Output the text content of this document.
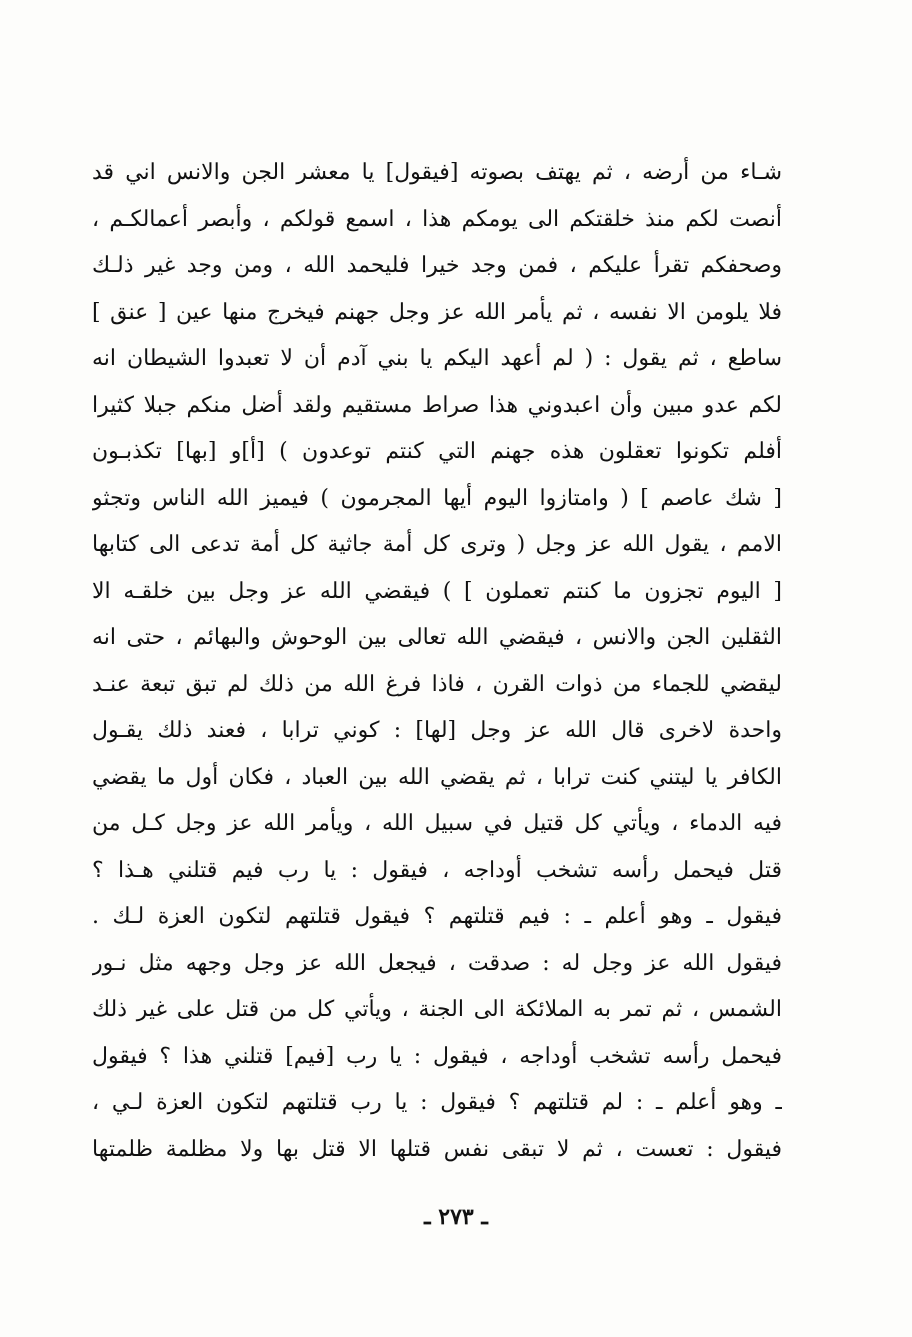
شـاء من أرضه ، ثم يهتف بصوته [فيقول] يا معشر الجن والانس اني قد
أنصت لكم منذ خلقتكم الى يومكم هذا ، اسمع قولكم ، وأبصر أعمالكـم ،
وصحفكم تقرأ عليكم ، فمن وجد خيرا فليحمد الله ، ومن وجد غير ذلـك
فلا يلومن الا نفسه ، ثم يأمر الله عز وجل جهنم فيخرج منها عين [ عنق ]
ساطع ، ثم يقول : ( لم أعهد اليكم يا بني آدم أن لا تعبدوا الشيطان انه
لكم عدو مبين وأن اعبدوني هذا صراط مستقيم ولقد أضل منكم جبلا كثيرا
أفلم تكونوا تعقلون هذه جهنم التي كنتم توعدون ) [أ]و [بها] تكذبـون
[ شك عاصم ] ( وامتازوا اليوم أيها المجرمون ) فيميز الله الناس وتجثو
الامم ، يقول الله عز وجل ( وترى كل أمة جاثية كل أمة تدعى الى كتابها
[ اليوم تجزون ما كنتم تعملون ] ) فيقضي الله عز وجل بين خلقـه الا
الثقلين الجن والانس ، فيقضي الله تعالى بين الوحوش والبهائم ، حتى انه
ليقضي للجماء من ذوات القرن ، فاذا فرغ الله من ذلك لم تبق تبعة عنـد
واحدة لاخرى قال الله عز وجل [لها] : كوني ترابا ، فعند ذلك يقـول
الكافر يا ليتني كنت ترابا ، ثم يقضي الله بين العباد ، فكان أول ما يقضي
فيه الدماء ، ويأتي كل قتيل في سبيل الله ، ويأمر الله عز وجل كـل من
قتل فيحمل رأسه تشخب أوداجه ، فيقول : يا رب فيم قتلني هـذا ؟
فيقول ـ وهو أعلم ـ : فيم قتلتهم ؟ فيقول قتلتهم لتكون العزة لـك .
فيقول الله عز وجل له : صدقت ، فيجعل الله عز وجل وجهه مثل نـور
الشمس ، ثم تمر به الملائكة الى الجنة ، ويأتي كل من قتل على غير ذلك
فيحمل رأسه تشخب أوداجه ، فيقول : يا رب [فيم] قتلني هذا ؟ فيقول
ـ وهو أعلم ـ : لم قتلتهم ؟ فيقول : يا رب قتلتهم لتكون العزة لـي ،
فيقول : تعست ، ثم لا تبقى نفس قتلها الا قتل بها ولا مظلمة ظلمتها
ـ ٢٧٣ ـ
